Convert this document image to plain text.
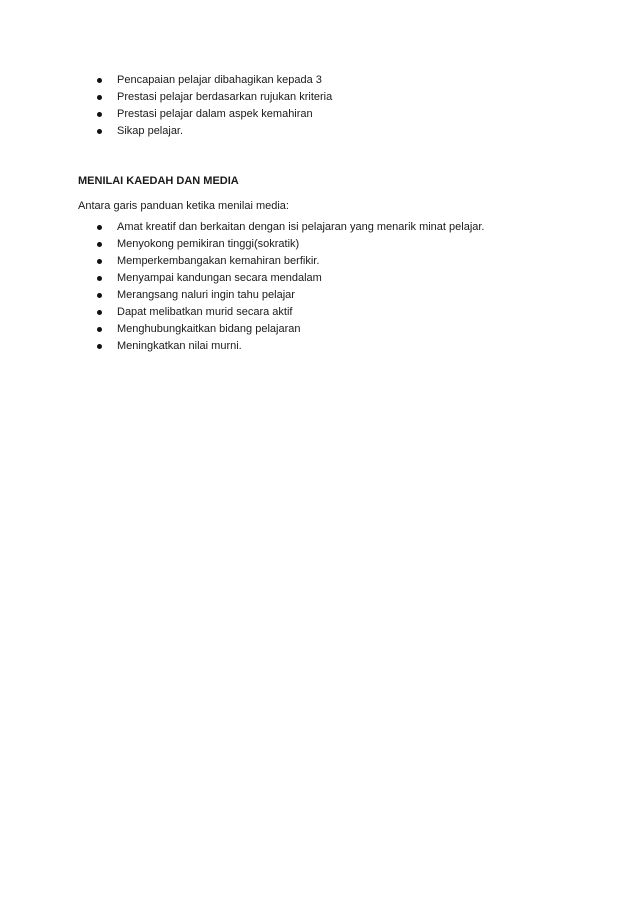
Pencapaian pelajar dibahagikan kepada 3
Prestasi pelajar berdasarkan rujukan kriteria
Prestasi pelajar dalam aspek kemahiran
Sikap pelajar.
MENILAI KAEDAH DAN MEDIA
Antara garis panduan ketika menilai media:
Amat kreatif dan berkaitan dengan isi pelajaran yang menarik minat pelajar.
Menyokong pemikiran tinggi(sokratik)
Memperkembangakan kemahiran berfikir.
Menyampai kandungan secara mendalam
Merangsang naluri ingin tahu pelajar
Dapat melibatkan murid secara aktif
Menghubungkaitkan bidang pelajaran
Meningkatkan nilai murni.
